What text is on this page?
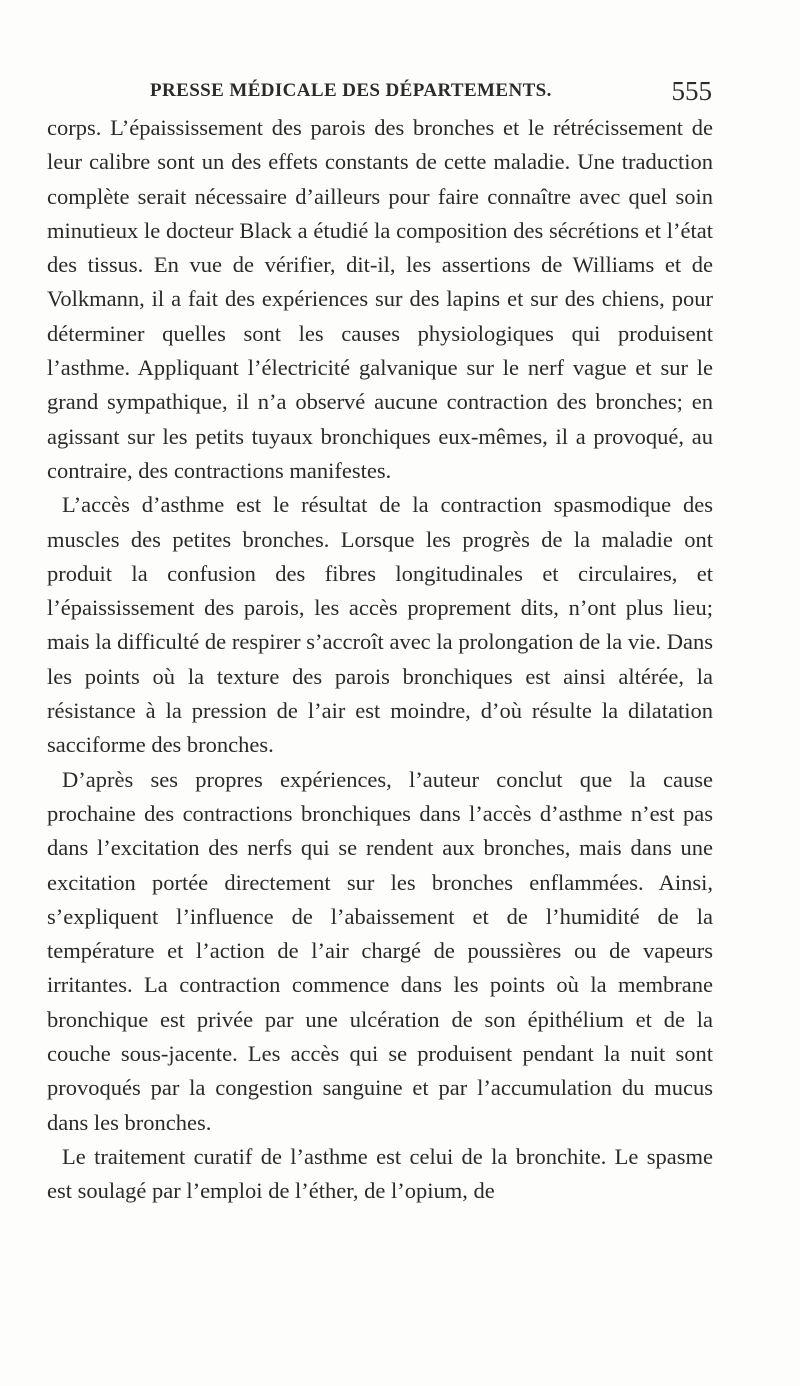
PRESSE MÉDICALE DES DÉPARTEMENTS.	555

corps. L’épaississement des parois des bronches et le rétrécissement de leur calibre sont un des effets constants de cette maladie. Une traduction complète serait nécessaire d’ailleurs pour faire connaître avec quel soin minutieux le docteur Black a étudié la composition des sécrétions et l’état des tissus. En vue de vérifier, dit-il, les assertions de Williams et de Volkmann, il a fait des expériences sur des lapins et sur des chiens, pour déterminer quelles sont les causes physiologiques qui produisent l’asthme. Appliquant l’électricité galvanique sur le nerf vague et sur le grand sympathique, il n’a observé aucune contraction des bronches; en agissant sur les petits tuyaux bronchiques eux-mêmes, il a provoqué, au contraire, des contractions manifestes.

L’accès d’asthme est le résultat de la contraction spasmodique des muscles des petites bronches. Lorsque les progrès de la maladie ont produit la confusion des fibres longitudinales et circulaires, et l’épaississement des parois, les accès proprement dits, n’ont plus lieu; mais la difficulté de respirer s’accroît avec la prolongation de la vie. Dans les points où la texture des parois bronchiques est ainsi altérée, la résistance à la pression de l’air est moindre, d’où résulte la dilatation sacciforme des bronches.

D’après ses propres expériences, l’auteur conclut que la cause prochaine des contractions bronchiques dans l’accès d’asthme n’est pas dans l’excitation des nerfs qui se rendent aux bronches, mais dans une excitation portée directement sur les bronches enflammées. Ainsi, s’expliquent l’influence de l’abaissement et de l’humidité de la température et l’action de l’air chargé de poussières ou de vapeurs irritantes. La contraction commence dans les points où la membrane bronchique est privée par une ulcération de son épithélium et de la couche sous-jacente. Les accès qui se produisent pendant la nuit sont provoqués par la congestion sanguine et par l’accumulation du mucus dans les bronches.

Le traitement curatif de l’asthme est celui de la bronchite. Le spasme est soulagé par l’emploi de l’éther, de l’opium, de
